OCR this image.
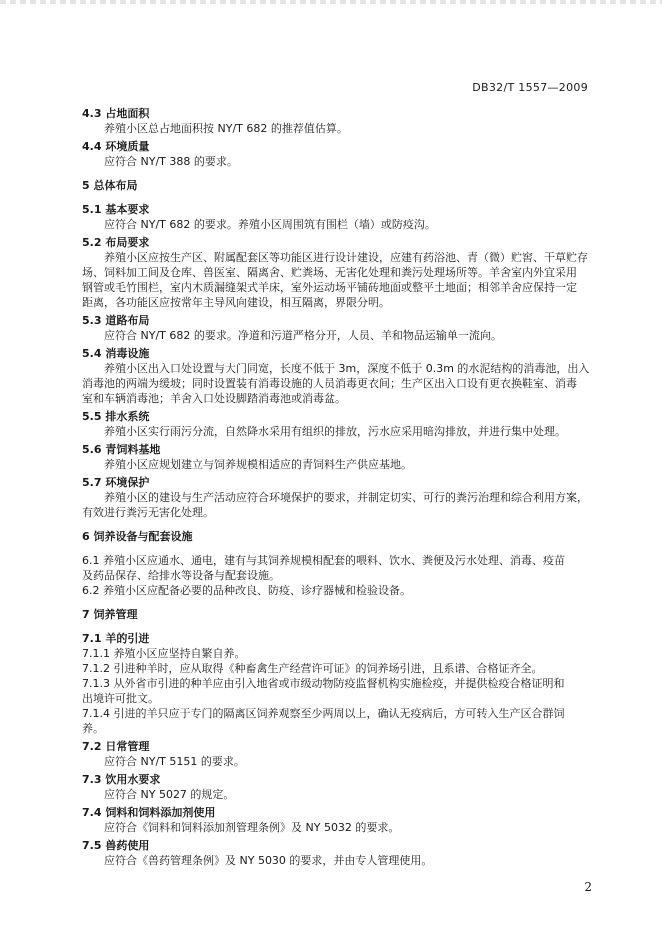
DB32/T 1557—2009
4.3 占地面积
养殖小区总占地面积按 NY/T 682 的推荐值估算。
4.4 环境质量
应符合 NY/T 388 的要求。
5 总体布局
5.1 基本要求
应符合 NY/T 682 的要求。养殖小区周围筑有围栏（墙）或防疫沟。
5.2 布局要求
养殖小区应按生产区、附属配套区等功能区进行设计建设，应建有药浴池、青（微）贮窖、干草贮存
场、饲料加工间及仓库、兽医室、隔离舍、贮粪场、无害化处理和粪污处理场所等。羊舍室内外宜采用
钢管或毛竹围栏，室内木质漏缝架式羊床，室外运动场平铺砖地面或整平土地面；相邻羊舍应保持一定
距离，各功能区应按常年主导风向建设，相互隔离，界限分明。
5.3 道路布局
应符合 NY/T 682 的要求。净道和污道严格分开，人员、羊和物品运输单一流向。
5.4 消毒设施
养殖小区出入口处设置与大门同宽，长度不低于 3m，深度不低于 0.3m 的水泥结构的消毒池，出入
消毒池的两端为缓坡；同时设置装有消毒设施的人员消毒更衣间；生产区出入口设有更衣换鞋室、消毒
室和车辆消毒池；羊舍入口处设脚踏消毒池或消毒盆。
5.5 排水系统
养殖小区实行雨污分流，自然降水采用有组织的排放，污水应采用暗沟排放，并进行集中处理。
5.6 青饲料基地
养殖小区应规划建立与饲养规模相适应的青饲料生产供应基地。
5.7 环境保护
养殖小区的建设与生产活动应符合环境保护的要求，并制定切实、可行的粪污治理和综合利用方案，
有效进行粪污无害化处理。
6 饲养设备与配套设施
6.1 养殖小区应通水、通电，建有与其饲养规模相配套的喂料、饮水、粪便及污水处理、消毒、疫苗
及药品保存、给排水等设备与配套设施。
6.2 养殖小区应配备必要的品种改良、防疫、诊疗器械和检验设备。
7 饲养管理
7.1 羊的引进
7.1.1 养殖小区应坚持自繁自养。
7.1.2 引进种羊时，应从取得《种畜禽生产经营许可证》的饲养场引进，且系谱、合格证齐全。
7.1.3 从外省市引进的种羊应由引入地省或市级动物防疫监督机构实施检疫，并提供检疫合格证明和
出境许可批文。
7.1.4 引进的羊只应于专门的隔离区饲养观察至少两周以上，确认无疫病后，方可转入生产区合群饲
养。
7.2 日常管理
应符合 NY/T 5151 的要求。
7.3 饮用水要求
应符合 NY 5027 的规定。
7.4 饲料和饲料添加剂使用
应符合《饲料和饲料添加剂管理条例》及 NY 5032 的要求。
7.5 兽药使用
应符合《兽药管理条例》及 NY 5030 的要求，并由专人管理使用。
2
